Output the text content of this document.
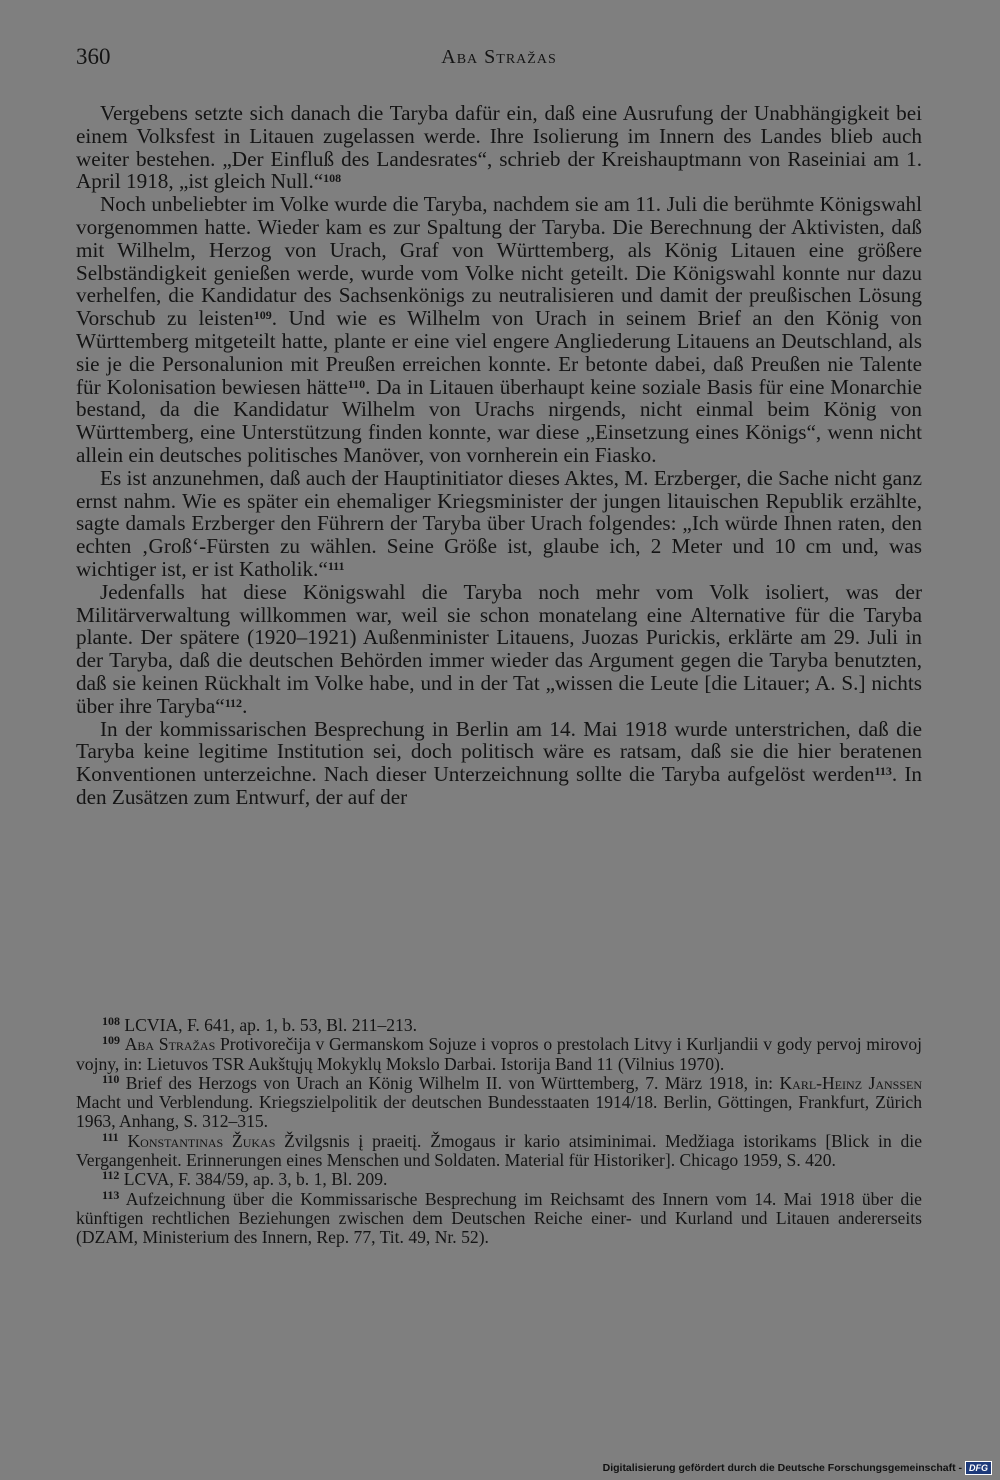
360	Aba Stražas

Vergebens setzte sich danach die Taryba dafür ein, daß eine Ausrufung der Unabhängigkeit bei einem Volksfest in Litauen zugelassen werde. Ihre Isolierung im Innern des Landes blieb auch weiter bestehen. „Der Einfluß des Landesrates“, schrieb der Kreishauptmann von Raseiniai am 1. April 1918, „ist gleich Null.“$^{108}$

Noch unbeliebter im Volke wurde die Taryba, nachdem sie am 11. Juli die berühmte Königswahl vorgenommen hatte. Wieder kam es zur Spaltung der Taryba. Die Berechnung der Aktivisten, daß mit Wilhelm, Herzog von Urach, Graf von Württemberg, als König Litauen eine größere Selbständigkeit genießen werde, wurde vom Volke nicht geteilt. Die Königswahl konnte nur dazu verhelfen, die Kandidatur des Sachsenkönigs zu neutralisieren und damit der preußischen Lösung Vorschub zu leisten$^{109}$. Und wie es Wilhelm von Urach in seinem Brief an den König von Württemberg mitgeteilt hatte, plante er eine viel engere Angliederung Litauens an Deutschland, als sie je die Personalunion mit Preußen erreichen konnte. Er betonte dabei, daß Preußen nie Talente für Kolonisation bewiesen hätte$^{110}$. Da in Litauen überhaupt keine soziale Basis für eine Monarchie bestand, da die Kandidatur Wilhelm von Urachs nirgends, nicht einmal beim König von Württemberg, eine Unterstützung finden konnte, war diese „Einsetzung eines Königs“, wenn nicht allein ein deutsches politisches Manöver, von vornherein ein Fiasko.

Es ist anzunehmen, daß auch der Hauptinitiator dieses Aktes, M. Erzberger, die Sache nicht ganz ernst nahm. Wie es später ein ehemaliger Kriegsminister der jungen litauischen Republik erzählte, sagte damals Erzberger den Führern der Taryba über Urach folgendes: „Ich würde Ihnen raten, den echten ‚Groß‘-Fürsten zu wählen. Seine Größe ist, glaube ich, 2 Meter und 10 cm und, was wichtiger ist, er ist Katholik.“$^{111}$

Jedenfalls hat diese Königswahl die Taryba noch mehr vom Volk isoliert, was der Militärverwaltung willkommen war, weil sie schon monatelang eine Alternative für die Taryba plante. Der spätere (1920–1921) Außenminister Litauens, Juozas Purickis, erklärte am 29. Juli in der Taryba, daß die deutschen Behörden immer wieder das Argument gegen die Taryba benutzten, daß sie keinen Rückhalt im Volke habe, und in der Tat „wissen die Leute [die Litauer; A. S.] nichts über ihre Taryba“$^{112}$.

In der kommissarischen Besprechung in Berlin am 14. Mai 1918 wurde unterstrichen, daß die Taryba keine legitime Institution sei, doch politisch wäre es ratsam, daß sie die hier beratenen Konventionen unterzeichne. Nach dieser Unterzeichnung sollte die Taryba aufgelöst werden$^{113}$. In den Zusätzen zum Entwurf, der auf der

$^{108}$ LCVIA, F. 641, ap. 1, b. 53, Bl. 211–213.

$^{109}$ Aba Stražas Protivorečija v Germanskom Sojuze i vopros o prestolach Litvy i Kurljandii v gody pervoj mirovoj vojny, in: Lietuvos TSR Aukštųjų Mokyklų Mokslo Darbai. Istorija Band 11 (Vilnius 1970).

$^{110}$ Brief des Herzogs von Urach an König Wilhelm II. von Württemberg, 7. März 1918, in: Karl-Heinz Janssen Macht und Verblendung. Kriegszielpolitik der deutschen Bundesstaaten 1914/18. Berlin, Göttingen, Frankfurt, Zürich 1963, Anhang, S. 312–315.

$^{111}$ Konstantinas Žukas Žvilgsnis į praeitį. Žmogaus ir kario atsiminimai. Medžiaga istorikams [Blick in die Vergangenheit. Erinnerungen eines Menschen und Soldaten. Material für Historiker]. Chicago 1959, S. 420.

$^{112}$ LCVA, F. 384/59, ap. 3, b. 1, Bl. 209.

$^{113}$ Aufzeichnung über die Kommissarische Besprechung im Reichsamt des Innern vom 14. Mai 1918 über die künftigen rechtlichen Beziehungen zwischen dem Deutschen Reiche einer- und Kurland und Litauen andererseits (DZAM, Ministerium des Innern, Rep. 77, Tit. 49, Nr. 52).

Digitalisierung gefördert durch die Deutsche Forschungsgemeinschaft - DFG
